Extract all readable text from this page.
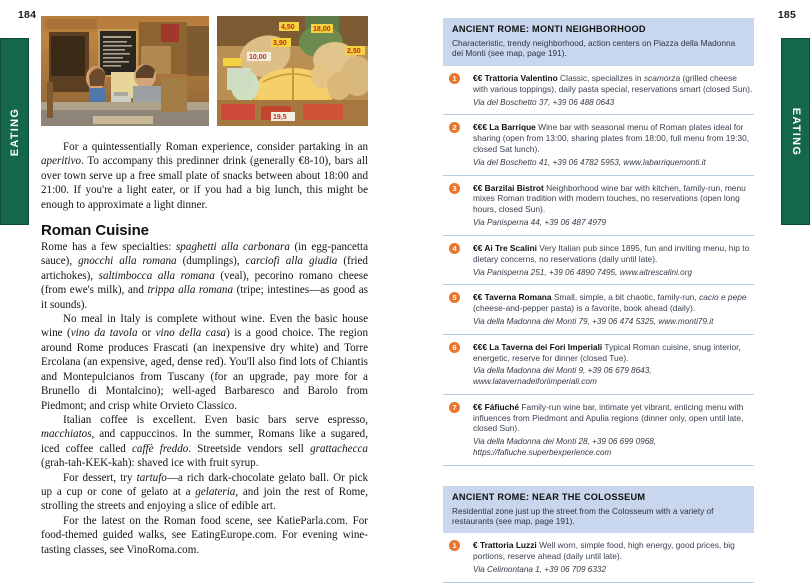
184
EATING
4,50	18,00
3,90
10,00
2,50
19,5

For a quintessentially Roman experience, consider partaking in an aperitivo. To accompany this predinner drink (generally €8-10), bars all over town serve up a free small plate of snacks between about 18:00 and 21:00. If you're a light eater, or if you had a big lunch, this might be enough to approximate a light dinner.

Roman Cuisine

Rome has a few specialties: spaghetti alla carbonara (in egg-pancetta sauce), gnocchi alla romana (dumplings), carciofi alla giudia (fried artichokes), saltimbocca alla romana (veal), pecorino romano cheese (from ewe's milk), and trippa alla romana (tripe; intestines—as good as it sounds).

No meal in Italy is complete without wine. Even the basic house wine (vino da tavola or vino della casa) is a good choice. The region around Rome produces Frascati (an inexpensive dry white) and Torre Ercolana (an expensive, aged, dense red). You'll also find lots of Chiantis and Montepulcianos from Tuscany (for an upgrade, pay more for a Brunello di Montalcino); well-aged Barbaresco and Barolo from Piedmont; and crisp white Orvieto Classico.

Italian coffee is excellent. Even basic bars serve espresso, macchiatos, and cappuccinos. In the summer, Romans like a sugared, iced coffee called caffè freddo. Streetside vendors sell grattachecca (grah-tah-KEK-kah): shaved ice with fruit syrup.

For dessert, try tartufo—a rich dark-chocolate gelato ball. Or pick up a cup or cone of gelato at a gelateria, and join the rest of Rome, strolling the streets and enjoying a slice of edible art.

For the latest on the Roman food scene, see KatieParla.com. For food-themed guided walks, see EatingEurope.com. For evening wine-tasting classes, see VinoRoma.com.

185
EATING
ANCIENT ROME: MONTI NEIGHBORHOOD
Characteristic, trendy neighborhood, action centers on Piazza della Madonna dei Monti (see map, page 191).
1	€€ Trattoria Valentino Classic, specializes in scamorza (grilled cheese with various toppings), daily pasta special, reservations smart (closed Sun).
Via del Boschetto 37, +39 06 488 0643
2	€€€ La Barrique Wine bar with seasonal menu of Roman plates ideal for sharing (open from 13:00, sharing plates from 18:00, full menu from 19:30, closed Sat lunch).
Via del Boschetto 41, +39 06 4782 5953, www.labarriquemonti.it
3	€€ Barzilai Bistrot Neighborhood wine bar with kitchen, family-run, menu mixes Roman tradition with modern touches, no reservations (open long hours, closed Sun).
Via Panisperna 44, +39 06 487 4979
4	€€ Ai Tre Scalini Very Italian pub since 1895, fun and inviting menu, hip to dietary concerns, no reservations (daily until late).
Via Panisperna 251, +39 06 4890 7495, www.aitrescalini.org
5	€€ Taverna Romana Small, simple, a bit chaotic, family-run, cacio e pepe (cheese-and-pepper pasta) is a favorite, book ahead (daily).
Via della Madonna dei Monti 79, +39 06 474 5325, www.monti79.it
6	€€€ La Taverna dei Fori Imperiali Typical Roman cuisine, snug interior, energetic, reserve for dinner (closed Tue).
Via della Madonna dei Monti 9, +39 06 679 8643, www.latavernadeiforiimperiali.com
7	€€ Fáfiuché Family-run wine bar, intimate yet vibrant, enticing menu with influences from Piedmont and Apulia regions (dinner only, open until late, closed Sun).
Via della Madonna dei Monti 28, +39 06 699 0968, https://fafiuche.superbexperience.com
ANCIENT ROME: NEAR THE COLOSSEUM
Residential zone just up the street from the Colosseum with a variety of restaurants (see map, page 191).
1	€ Trattoria Luzzi Well worn, simple food, high energy, good prices, big portions, reserve ahead (daily until late).
Via Celimontana 1, +39 06 709 6332
